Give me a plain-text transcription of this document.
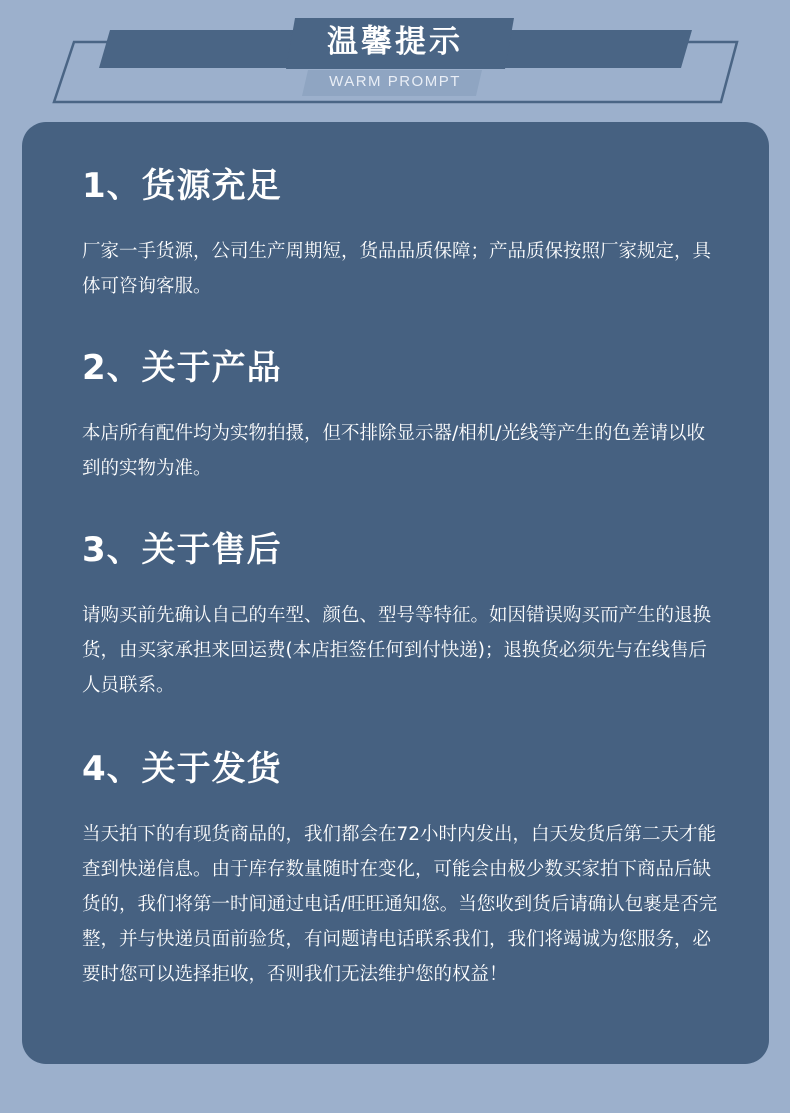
温馨提示
WARM PROMPT
1、货源充足

厂家一手货源，公司生产周期短，货品品质保障；产品质保按照厂家规定，具体可咨询客服。

2、关于产品

本店所有配件均为实物拍摄，但不排除显示器/相机/光线等产生的色差请以收到的实物为准。

3、关于售后

请购买前先确认自己的车型、颜色、型号等特征。如因错误购买而产生的退换货，由买家承担来回运费(本店拒签任何到付快递)；退换货必须先与在线售后人员联系。

4、关于发货

当天拍下的有现货商品的，我们都会在72小时内发出，白天发货后第二天才能查到快递信息。由于库存数量随时在变化，可能会由极少数买家拍下商品后缺货的，我们将第一时间通过电话/旺旺通知您。当您收到货后请确认包裹是否完整，并与快递员面前验货，有问题请电话联系我们，我们将竭诚为您服务，必要时您可以选择拒收，否则我们无法维护您的权益！
